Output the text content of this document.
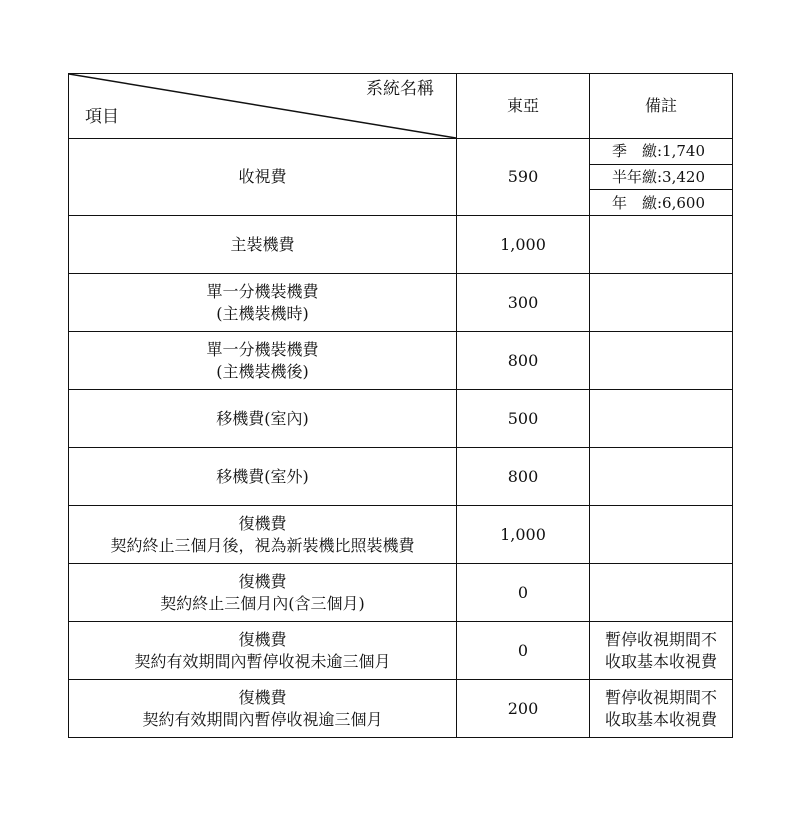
系統名稱
項目	東亞	備註

收視費	590	季　繳:1,740
半年繳:3,420
年　繳:6,600

主裝機費	1,000	

單一分機裝機費
(主機裝機時)	300	

單一分機裝機費
(主機裝機後)	800	

移機費(室內)	500	

移機費(室外)	800	

復機費
契約終止三個月後，視為新裝機比照裝機費	1,000	

復機費
契約終止三個月內(含三個月)	0	

復機費
契約有效期間內暫停收視未逾三個月	0	暫停收視期間不
收取基本收視費

復機費
契約有效期間內暫停收視逾三個月	200	暫停收視期間不
收取基本收視費
